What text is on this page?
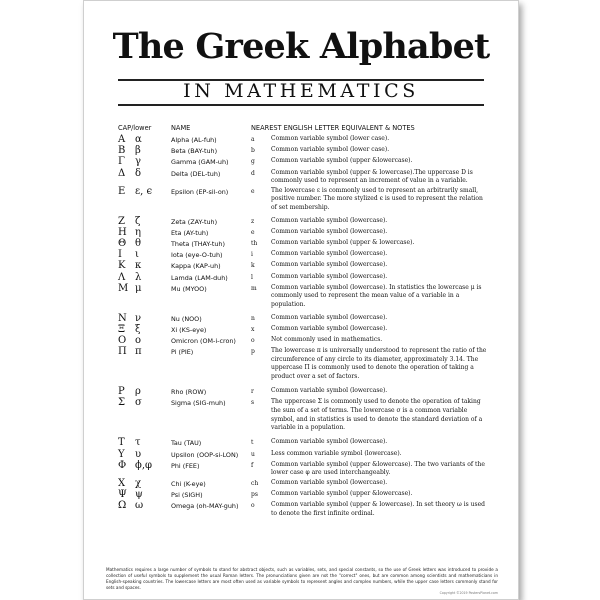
The Greek Alphabet
IN MATHEMATICS
CAP/lower	NAME	NEAREST ENGLISH LETTER EQUIVALENT & NOTES
Α α	Alpha (AL-fuh)	a	Common variable symbol (lower case).
Β β	Beta (BAY-tuh)	b	Common variable symbol (lower case).
Γ γ	Gamma (GAM-uh)	g	Common variable symbol (upper &lowercase).
Δ δ	Delta (DEL-tuh)	d	Common variable symbol (upper & lowercase).The uppercase D is commonly used to represent an increment of value in a variable.
Ε ε, ϵ	Epsilon (EP-sil-on)	e	The lowercase ε is commonly used to represent an arbitrarily small, positive number. The more stylized ϵ is used to represent the relation of set membership.
Ζ ζ	Zeta (ZAY-tuh)	z	Common variable symbol (lowercase).
Η η	Eta (AY-tuh)	e	Common variable symbol (lowercase).
Θ θ	Theta (THAY-tuh)	th	Common variable symbol (upper & lowercase).
Ι ι	Iota (eye-O-tuh)	i	Common variable symbol (lowercase).
Κ κ	Kappa (KAP-uh)	k	Common variable symbol (lowercase).
Λ λ	Lamda (LAM-duh)	l	Common variable symbol (lowercase).
Μ μ	Mu (MYOO)	m	Common variable symbol (lowercase). In statistics the lowercase μ is commonly used to represent the mean value of a variable in a population.
Ν ν	Nu (NOO)	n	Common variable symbol (lowercase).
Ξ ξ	Xi (KS-eye)	x	Common variable symbol (lowercase).
Ο ο	Omicron (OM-i-cron)	o	Not commonly used in mathematics.
Π π	Pi (PIE)	p	The lowercase π is universally understood to represent the ratio of the circumference of any circle to its diameter, approximately 3.14. The uppercase Π is commonly used to denote the operation of taking a product over a set of factors.
Ρ ρ	Rho (ROW)	r	Common variable symbol (lowercase).
Σ σ	Sigma (SIG-muh)	s	The uppercase Σ is commonly used to denote the operation of taking the sum of a set of terms. The lowercase σ is a common variable symbol, and in statistics is used to denote the standard deviation of a variable in a population.
Τ τ	Tau (TAU)	t	Common variable symbol (lowercase).
Υ υ	Upsilon (OOP-si-LON) u	Less common variable symbol (lowercase).
Φ ϕ,φ	Phi (FEE)	f	Common variable symbol (upper &lowercase). The two variants of the lower case φ are used interchangeably.
Χ χ	Chi (K-eye)	ch	Common variable symbol (lowercase).
Ψ ψ	Psi (SIGH)	ps	Common variable symbol (upper &lowercase).
Ω ω	Omega (oh-MAY-guh) o	Common variable symbol (upper & lowercase). In set theory ω is used to denote the first infinite ordinal.
Mathematics requires a large number of symbols to stand for abstract objects, such as variables, sets, and special constants, so the use of Greek letters was introduced to provide a collection of useful symbols to supplement the usual Roman letters. The pronunciations given are not the "correct" ones, but are common among scientists and mathematicians in English-speaking countries. The lowercase letters are most often used as variable symbols to represent angles and complex numbers, while the upper case letters commonly stand for sets and spaces.
Copyright ©2019 PostersPlanet.com
